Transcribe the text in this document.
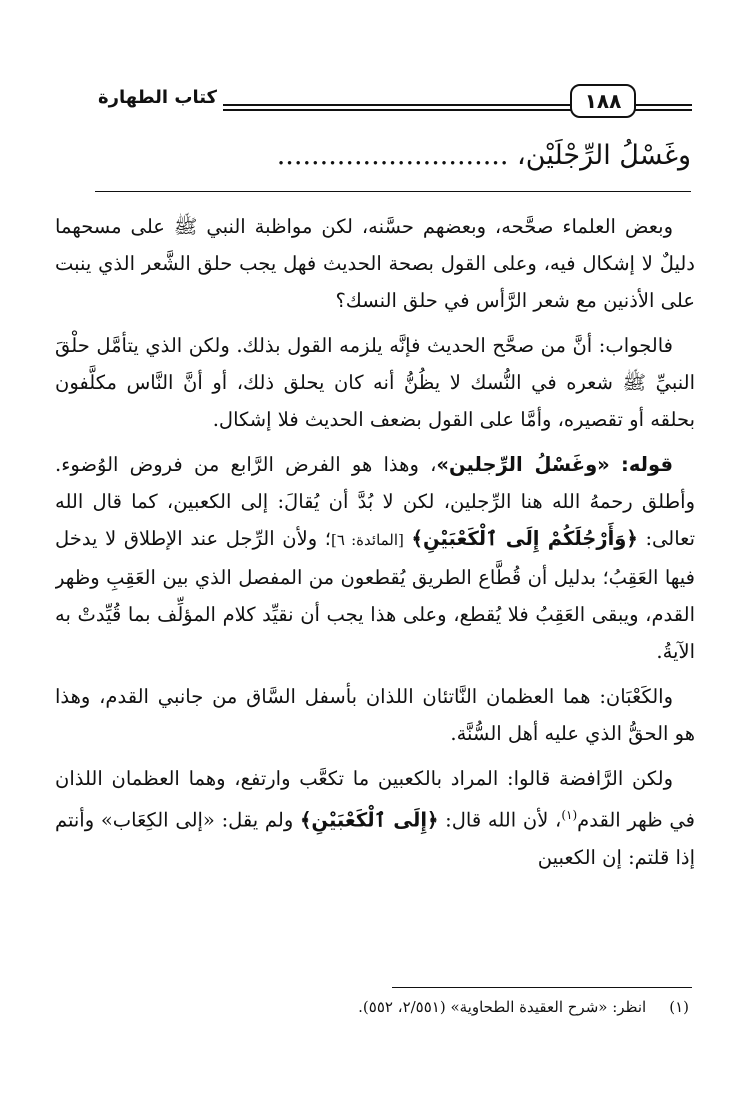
١٨٨
كتاب الطهارة
وغَسْلُ الرِّجْلَيْن، ...........................

وبعض العلماء صحَّحه، وبعضهم حسَّنه، لكن مواظبة النبي ﷺ على مسحهما دليلٌ لا إشكال فيه، وعلى القول بصحة الحديث فهل يجب حلق الشَّعر الذي ينبت على الأذنين مع شعر الرَّأس في حلق النسك؟

فالجواب: أنَّ من صحَّح الحديث فإنَّه يلزمه القول بذلك. ولكن الذي يتأمَّل حلْقَ النبيِّ ﷺ شعره في النُّسك لا يظُنُّ أنه كان يحلق ذلك، أو أنَّ النَّاس مكلَّفون بحلقه أو تقصيره، وأمَّا على القول بضعف الحديث فلا إشكال.

قوله: «وغَسْلُ الرِّجلين»، وهذا هو الفرض الرَّابع من فروض الوُضوء. وأطلق رحمهُ الله هنا الرِّجلين، لكن لا بُدَّ أن يُقالَ: إلى الكعبين، كما قال الله تعالى: ﴿وَأَرْجُلَكُمْ إِلَى ٱلْكَعْبَيْنِ﴾ [المائدة: ٦]؛ ولأن الرِّجل عند الإطلاق لا يدخل فيها العَقِبُ؛ بدليل أن قُطَّاع الطريق يُقطعون من المفصل الذي بين العَقِبِ وظهر القدم، ويبقى العَقِبُ فلا يُقطع، وعلى هذا يجب أن نقيِّد كلام المؤلِّف بما قُيِّدتْ به الآيةُ.

والكَعْبَان: هما العظمان النَّاتئان اللذان بأسفل السَّاق من جانبي القدم، وهذا هو الحقُّ الذي عليه أهل السُّنَّة.

ولكن الرَّافضة قالوا: المراد بالكعبين ما تكعَّب وارتفع، وهما العظمان اللذان في ظهر القدم$^{(١)}$، لأن الله قال: ﴿إِلَى ٱلْكَعْبَيْنِ﴾ ولم يقل: «إلى الكِعَاب» وأنتم إذا قلتم: إن الكعبين

(١) انظر: «شرح العقيدة الطحاوية» (٢/٥٥١، ٥٥٢).
